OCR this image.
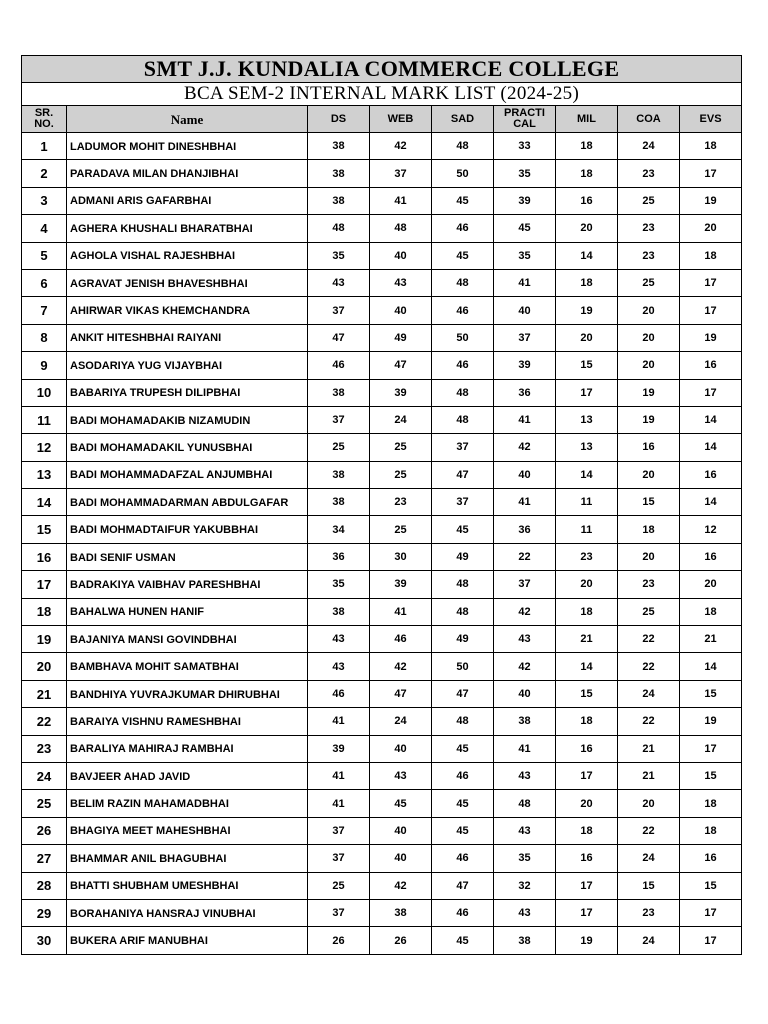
SMT J.J. KUNDALIA COMMERCE COLLEGE								
BCA SEM-2 INTERNAL MARK LIST (2024-25)								
SR. NO.	Name	DS	WEB	SAD	PRACTI CAL	MIL	COA	EVS
1	LADUMOR MOHIT DINESHBHAI	38	42	48	33	18	24	18
2	PARADAVA MILAN DHANJIBHAI	38	37	50	35	18	23	17
3	ADMANI ARIS GAFARBHAI	38	41	45	39	16	25	19
4	AGHERA KHUSHALI BHARATBHAI	48	48	46	45	20	23	20
5	AGHOLA VISHAL RAJESHBHAI	35	40	45	35	14	23	18
6	AGRAVAT JENISH BHAVESHBHAI	43	43	48	41	18	25	17
7	AHIRWAR VIKAS KHEMCHANDRA	37	40	46	40	19	20	17
8	ANKIT HITESHBHAI RAIYANI	47	49	50	37	20	20	19
9	ASODARIYA YUG VIJAYBHAI	46	47	46	39	15	20	16
10	BABARIYA TRUPESH DILIPBHAI	38	39	48	36	17	19	17
11	BADI MOHAMADAKIB NIZAMUDIN	37	24	48	41	13	19	14
12	BADI MOHAMADAKIL YUNUSBHAI	25	25	37	42	13	16	14
13	BADI MOHAMMADAFZAL ANJUMBHAI	38	25	47	40	14	20	16
14	BADI MOHAMMADARMAN ABDULGAFAR	38	23	37	41	11	15	14
15	BADI MOHMADTAIFUR YAKUBBHAI	34	25	45	36	11	18	12
16	BADI SENIF USMAN	36	30	49	22	23	20	16
17	BADRAKIYA VAIBHAV PARESHBHAI	35	39	48	37	20	23	20
18	BAHALWA HUNEN HANIF	38	41	48	42	18	25	18
19	BAJANIYA MANSI GOVINDBHAI	43	46	49	43	21	22	21
20	BAMBHAVA MOHIT SAMATBHAI	43	42	50	42	14	22	14
21	BANDHIYA YUVRAJKUMAR DHIRUBHAI	46	47	47	40	15	24	15
22	BARAIYA VISHNU RAMESHBHAI	41	24	48	38	18	22	19
23	BARALIYA MAHIRAJ RAMBHAI	39	40	45	41	16	21	17
24	BAVJEER AHAD JAVID	41	43	46	43	17	21	15
25	BELIM RAZIN MAHAMADBHAI	41	45	45	48	20	20	18
26	BHAGIYA MEET MAHESHBHAI	37	40	45	43	18	22	18
27	BHAMMAR ANIL BHAGUBHAI	37	40	46	35	16	24	16
28	BHATTI SHUBHAM UMESHBHAI	25	42	47	32	17	15	15
29	BORAHANIYA HANSRAJ VINUBHAI	37	38	46	43	17	23	17
30	BUKERA ARIF MANUBHAI	26	26	45	38	19	24	17
